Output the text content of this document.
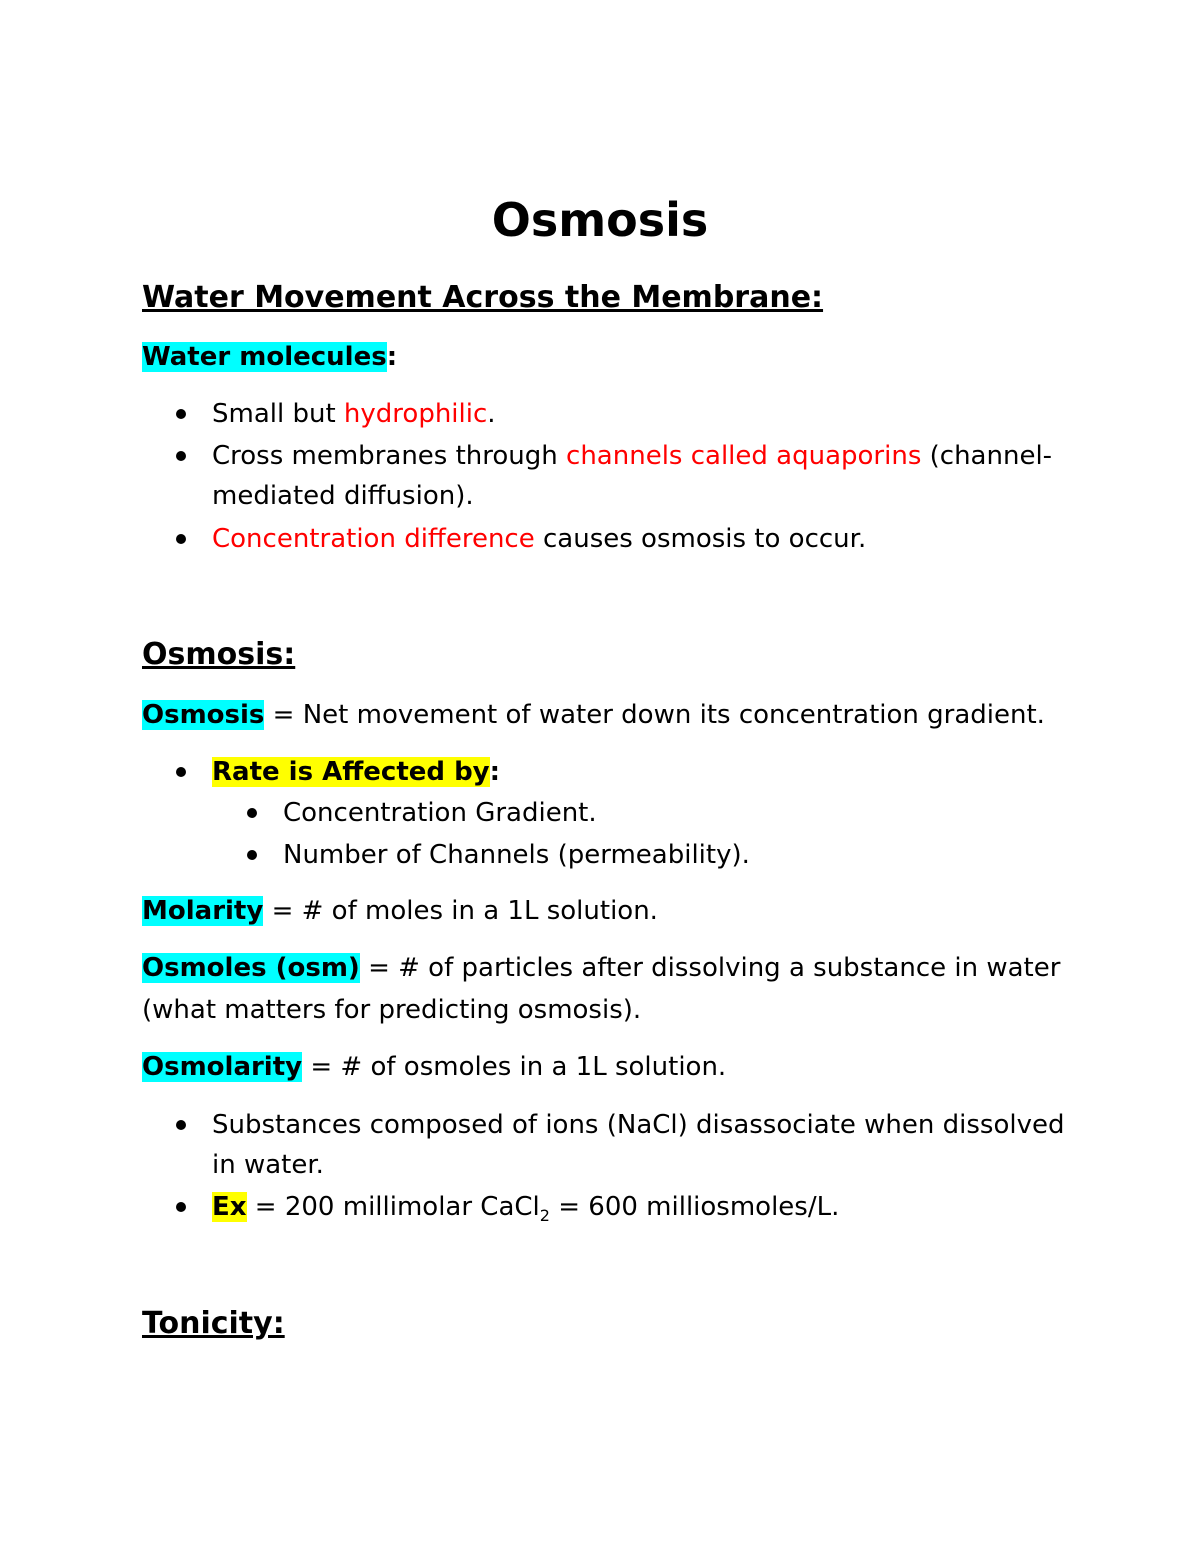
Osmosis
Water Movement Across the Membrane:
Water molecules:
Small but hydrophilic.
Cross membranes through channels called aquaporins (channel-
mediated diffusion).
Concentration difference causes osmosis to occur.
Osmosis:
Osmosis = Net movement of water down its concentration gradient.
Rate is Affected by:
Concentration Gradient.
Number of Channels (permeability).
Molarity = # of moles in a 1L solution.
Osmoles (osm) = # of particles after dissolving a substance in water
(what matters for predicting osmosis).
Osmolarity = # of osmoles in a 1L solution.
Substances composed of ions (NaCl) disassociate when dissolved
in water.
Ex = 200 millimolar CaCl$_2$ = 600 milliosmoles/L.
Tonicity:
